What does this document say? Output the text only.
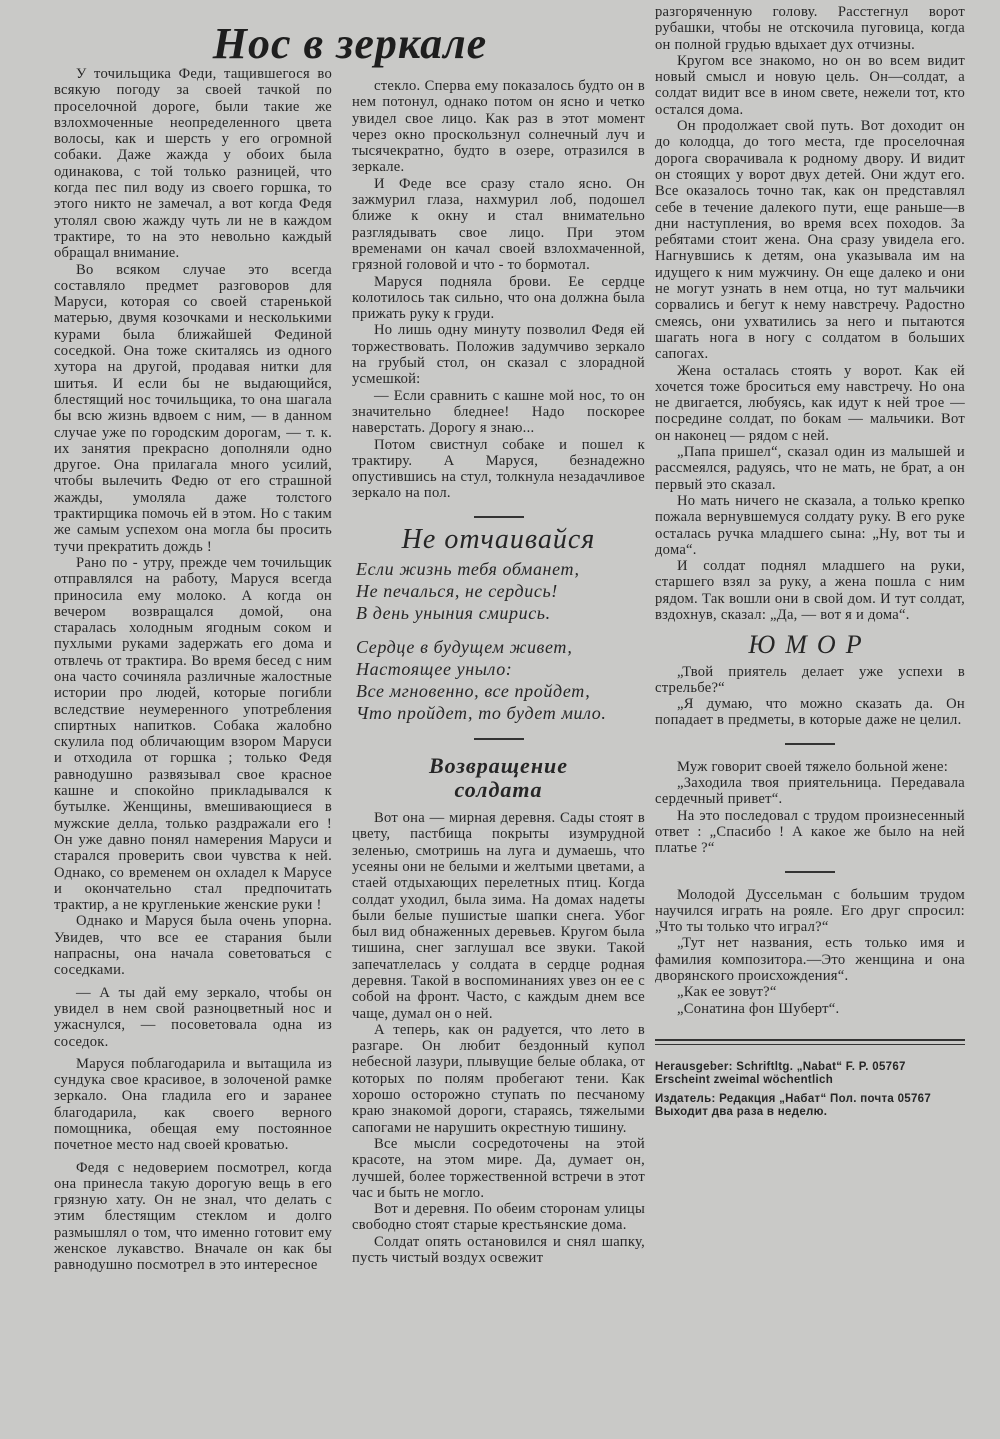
Нос в зеркале

У точильщика Феди, тащившегося во всякую погоду за своей тачкой по проселочной дороге, были такие же взлохмоченные неопределенного цвета волосы, как и шерсть у его огромной собаки. Даже жажда у обоих была одинакова, с той только разницей, что когда пес пил воду из своего горшка, то этого никто не замечал, а вот когда Федя утолял свою жажду чуть ли не в каждом трактире, то на это невольно каждый обращал внимание.

Во всяком случае это всегда составляло предмет разговоров для Маруси, которая со своей старенькой матерью, двумя козочками и несколькими курами была ближайшей Фединой соседкой. Она тоже скиталясь из одного хутора на другой, продавая нитки для шитья. И если бы не выдающийся, блестящий нос точильщика, то она шагала бы всю жизнь вдвоем с ним, — в данном случае уже по городским дорогам, — т. к. их занятия прекрасно дополняли одно другое. Она прилагала много усилий, чтобы вылечить Федю от его страшной жажды, умоляла даже толстого трактирщика помочь ей в этом. Но с таким же самым успехом она могла бы просить тучи прекратить дождь !

Рано по - утру, прежде чем точильщик отправлялся на работу, Маруся всегда приносила ему молоко. А когда он вечером возвращался домой, она старалась холодным ягодным соком и пухлыми руками задержать его дома и отвлечь от трактира. Во время бесед с ним она часто сочиняла различные жалостные истории про людей, которые погибли вследствие неумеренного употребления спиртных напитков. Собака жалобно скулила под обличающим взором Маруси и отходила от горшка ; только Федя равнодушно развязывал свое красное кашне и спокойно прикладывался к бутылке. Женщины, вмешивающиеся в мужские делла, только раздражали его ! Он уже давно понял намерения Маруси и старался проверить свои чувства к ней. Однако, со временем он охладел к Марусе и окончательно стал предпочитать трактир, а не кругленькие женские руки !

Однако и Маруся была очень упорна. Увидев, что все ее старания были напрасны, она начала советоваться с соседками.

— А ты дай ему зеркало, чтобы он увидел в нем свой разноцветный нос и ужаснулся, — посоветовала одна из соседок.

Маруся поблагодарила и вытащила из сундука свое красивое, в золоченой рамке зеркало. Она гладила его и заранее благодарила, как своего верного помощника, обещая ему постоянное почетное место над своей кроватью.

Федя с недоверием посмотрел, когда она принесла такую дорогую вещь в его грязную хату. Он не знал, что делать с этим блестящим стеклом и долго размышлял о том, что именно готовит ему женское лукавство. Вначале он как бы равнодушно посмотрел в это интересное

стекло. Сперва ему показалось будто он в нем потонул, однако потом он ясно и четко увидел свое лицо. Как раз в этот момент через окно проскользнул солнечный луч и тысячекратно, будто в озере, отразился в зеркале.

И Феде все сразу стало ясно. Он зажмурил глаза, нахмурил лоб, подошел ближе к окну и стал внимательно разглядывать свое лицо. При этом временами он качал своей взлохмаченной, грязной головой и что - то бормотал.

Маруся подняла брови. Ее сердце колотилось так сильно, что она должна была прижать руку к груди.

Но лишь одну минуту позволил Федя ей торжествовать. Положив задумчиво зеркало на грубый стол, он сказал с злорадной усмешкой:

— Если сравнить с кашне мой нос, то он значительно бледнее! Надо поскорее наверстать. Дорогу я знаю...

Потом свистнул собаке и пошел к трактиру. А Маруся, безнадежно опустившись на стул, толкнула незадачливое зеркало на пол.

Не отчаивайся
Если жизнь тебя обманет,
Не печалься, не сердись!
В день уныния смирись.
Сердце в будущем живет,
Настоящее уныло:
Все мгновенно, все пройдет,
Что пройдет, то будет мило.
Возвращение
солдата

Вот она — мирная деревня. Сады стоят в цвету, пастбища покрыты изумрудной зеленью, смотришь на луга и думаешь, что усеяны они не белыми и желтыми цветами, а стаей отдыхающих перелетных птиц. Когда солдат уходил, была зима. На домах надеты были белые пушистые шапки снега. Убог был вид обнаженных деревьев. Кругом была тишина, снег заглушал все звуки. Такой запечатлелась у солдата в сердце родная деревня. Такой в воспоминаниях увез он ее с собой на фронт. Часто, с каждым днем все чаще, думал он о ней.

А теперь, как он радуется, что лето в разгаре. Он любит бездонный купол небесной лазури, плывущие белые облака, от которых по полям пробегают тени. Как хорошо осторожно ступать по песчаному краю знакомой дороги, стараясь, тяжелыми сапогами не нарушить окрестную тишину.

Все мысли сосредоточены на этой красоте, на этом мире. Да, думает он, лучшей, более торжественной встречи в этот час и быть не могло.

Вот и деревня. По обеим сторонам улицы свободно стоят старые крестьянские дома.

Солдат опять остановился и снял шапку, пусть чистый воздух освежит

разгоряченную голову. Расстегнул ворот рубашки, чтобы не отскочила пуговица, когда он полной грудью вдыхает дух отчизны.

Кругом все знакомо, но он во всем видит новый смысл и новую цель. Он—солдат, а солдат видит все в ином свете, нежели тот, кто остался дома.

Он продолжает свой путь. Вот доходит он до колодца, до того места, где проселочная дорога сворачивала к родному двору. И видит он стоящих у ворот двух детей. Они ждут его. Все оказалось точно так, как он представлял себе в течение далекого пути, еще раньше—в дни наступления, во время всех походов. За ребятами стоит жена. Она сразу увидела его. Нагнувшись к детям, она указывала им на идущего к ним мужчину. Он еще далеко и они не могут узнать в нем отца, но тут мальчики сорвались и бегут к нему навстречу. Радостно смеясь, они ухватились за него и пытаются шагать нога в ногу с солдатом в больших сапогах.

Жена осталась стоять у ворот. Как ей хочется тоже броситься ему навстречу. Но она не двигается, любуясь, как идут к ней трое — посредине солдат, по бокам — мальчики. Вот он наконец — рядом с ней.

„Папа пришел“, сказал один из малышей и рассмеялся, радуясь, что не мать, не брат, а он первый это сказал.

Но мать ничего не сказала, а только крепко пожала вернувшемуся солдату руку. В его руке осталась ручка младшего сына: „Ну, вот ты и дома“.

И солдат поднял младшего на руки, старшего взял за руку, а жена пошла с ним рядом. Так вошли они в свой дом. И тут солдат, вздохнув, сказал: „Да, — вот я и дома“.

ЮМОР

„Твой приятель делает уже успехи в стрельбе?“

„Я думаю, что можно сказать да. Он попадает в предметы, в которые даже не целил.

Муж говорит своей тяжело больной жене:

„Заходила твоя приятельница. Передавала сердечный привет“.

На это последовал с трудом произнесенный ответ : „Спасибо ! А какое же было на ней платье ?“

Молодой Дуссельман с большим трудом научился играть на рояле. Его друг спросил: „Что ты только что играл?“

„Тут нет названия, есть только имя и фамилия композитора.—Это женщина и она дворянского происхождения“.

„Как ее зовут?“

„Сонатина фон Шуберт“.

Herausgeber: Schriftltg. „Nabat“ F. P. 05767
Erscheint zweimal wöchentlich
Издатель: Редакция „Набат“ Пол. почта 05767
Выходит два раза в неделю.
